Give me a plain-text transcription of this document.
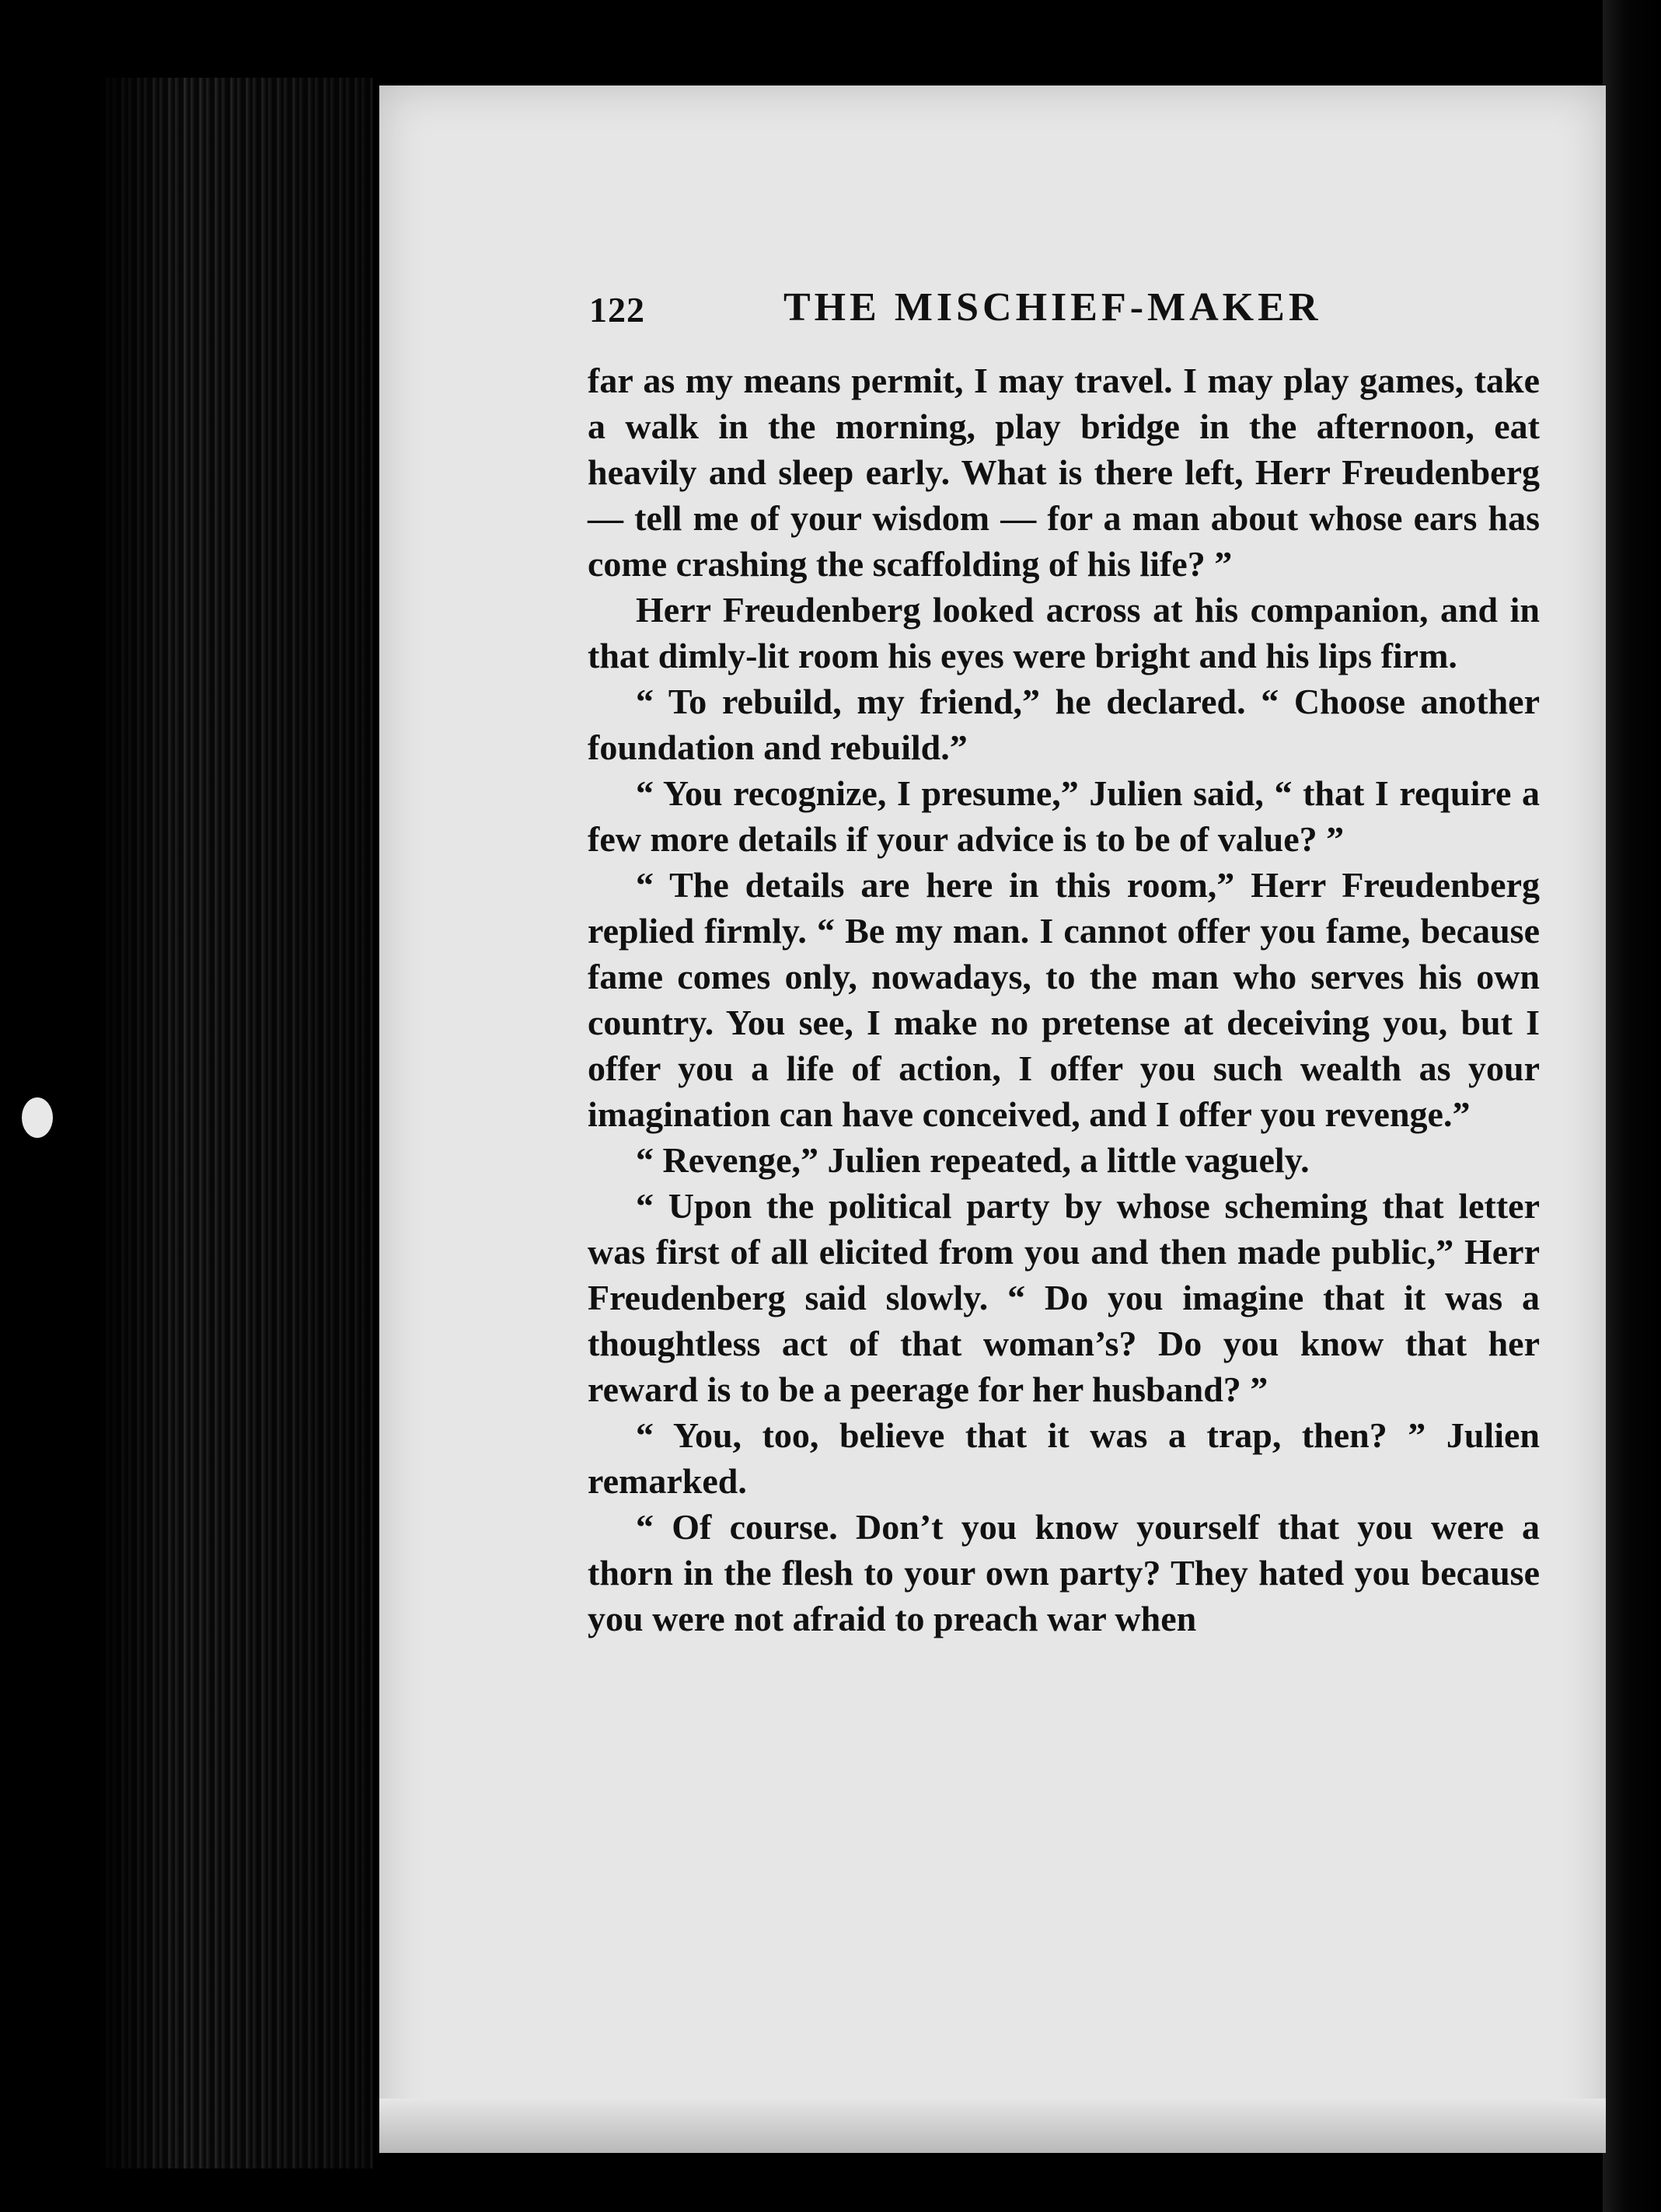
122	THE MISCHIEF-MAKER

far as my means permit, I may travel. I may play games, take a walk in the morning, play bridge in the afternoon, eat heavily and sleep early. What is there left, Herr Freudenberg — tell me of your wisdom — for a man about whose ears has come crashing the scaffolding of his life? ”

Herr Freudenberg looked across at his companion, and in that dimly-lit room his eyes were bright and his lips firm.

“ To rebuild, my friend,” he declared. “ Choose another foundation and rebuild.”

“ You recognize, I presume,” Julien said, “ that I require a few more details if your advice is to be of value? ”

“ The details are here in this room,” Herr Freudenberg replied firmly. “ Be my man. I cannot offer you fame, because fame comes only, nowadays, to the man who serves his own country. You see, I make no pretense at deceiving you, but I offer you a life of action, I offer you such wealth as your imagination can have conceived, and I offer you revenge.”

“ Revenge,” Julien repeated, a little vaguely.

“ Upon the political party by whose scheming that letter was first of all elicited from you and then made public,” Herr Freudenberg said slowly. “ Do you imagine that it was a thoughtless act of that woman’s? Do you know that her reward is to be a peerage for her husband? ”

“ You, too, believe that it was a trap, then? ” Julien remarked.

“ Of course. Don’t you know yourself that you were a thorn in the flesh to your own party? They hated you because you were not afraid to preach war when
